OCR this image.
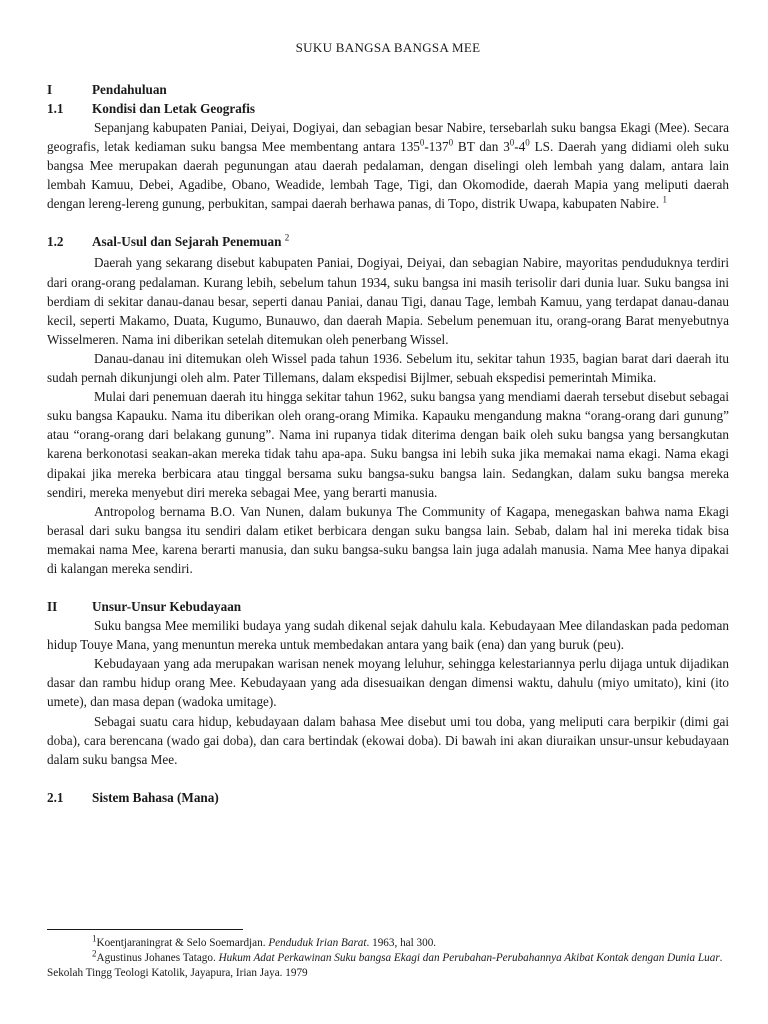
SUKU BANGSA BANGSA MEE
I	Pendahuluan
1.1	Kondisi dan Letak Geografis

Sepanjang kabupaten Paniai, Deiyai, Dogiyai, dan sebagian besar Nabire, tersebarlah suku bangsa Ekagi (Mee). Secara geografis, letak kediaman suku bangsa Mee membentang antara $135^0-137^0$ BT dan $3^0-4^0$ LS. Daerah yang didiami oleh suku bangsa Mee merupakan daerah pegunungan atau daerah pedalaman, dengan diselingi oleh lembah yang dalam, antara lain lembah Kamuu, Debei, Agadibe, Obano, Weadide, lembah Tage, Tigi, dan Okomodide, daerah Mapia yang meliputi daerah dengan lereng-lereng gunung, perbukitan, sampai daerah berhawa panas, di Topo, distrik Uwapa, kabupaten Nabire. $^1$

1.2	Asal-Usul dan Sejarah Penemuan $^2$

Daerah yang sekarang disebut kabupaten Paniai, Dogiyai, Deiyai, dan sebagian Nabire, mayoritas penduduknya terdiri dari orang-orang pedalaman. Kurang lebih, sebelum tahun 1934, suku bangsa ini masih terisolir dari dunia luar. Suku bangsa ini berdiam di sekitar danau-danau besar, seperti danau Paniai, danau Tigi, danau Tage, lembah Kamuu, yang terdapat danau-danau kecil, seperti Makamo, Duata, Kugumo, Bunauwo, dan daerah Mapia. Sebelum penemuan itu, orang-orang Barat menyebutnya Wisselmeren. Nama ini diberikan setelah ditemukan oleh penerbang Wissel.

Danau-danau ini ditemukan oleh Wissel pada tahun 1936. Sebelum itu, sekitar tahun 1935, bagian barat dari daerah itu sudah pernah dikunjungi oleh alm. Pater Tillemans, dalam ekspedisi Bijlmer, sebuah ekspedisi pemerintah Mimika.

Mulai dari penemuan daerah itu hingga sekitar tahun 1962, suku bangsa yang mendiami daerah tersebut disebut sebagai suku bangsa Kapauku. Nama itu diberikan oleh orang-orang Mimika. Kapauku mengandung makna “orang-orang dari gunung” atau “orang-orang dari belakang gunung”. Nama ini rupanya tidak diterima dengan baik oleh suku bangsa yang bersangkutan karena berkonotasi seakan-akan mereka tidak tahu apa-apa. Suku bangsa ini lebih suka jika memakai nama ekagi. Nama ekagi dipakai jika mereka berbicara atau tinggal bersama suku bangsa-suku bangsa lain. Sedangkan, dalam suku bangsa mereka sendiri, mereka menyebut diri mereka sebagai Mee, yang berarti manusia.

Antropolog bernama B.O. Van Nunen, dalam bukunya The Community of Kagapa, menegaskan bahwa nama Ekagi berasal dari suku bangsa itu sendiri dalam etiket berbicara dengan suku bangsa lain. Sebab, dalam hal ini mereka tidak bisa memakai nama Mee, karena berarti manusia, dan suku bangsa-suku bangsa lain juga adalah manusia. Nama Mee hanya dipakai di kalangan mereka sendiri.

II	Unsur-Unsur Kebudayaan

Suku bangsa Mee memiliki budaya yang sudah dikenal sejak dahulu kala. Kebudayaan Mee dilandaskan pada pedoman hidup Touye Mana, yang menuntun mereka untuk membedakan antara yang baik (ena) dan yang buruk (peu).

Kebudayaan yang ada merupakan warisan nenek moyang leluhur, sehingga kelestariannya perlu dijaga untuk dijadikan dasar dan rambu hidup orang Mee. Kebudayaan yang ada disesuaikan dengan dimensi waktu, dahulu (miyo umitato), kini (ito umete), dan masa depan (wadoka umitage).

Sebagai suatu cara hidup, kebudayaan dalam bahasa Mee disebut umi tou doba, yang meliputi cara berpikir (dimi gai doba), cara berencana (wado gai doba), dan cara bertindak (ekowai doba). Di bawah ini akan diuraikan unsur-unsur kebudayaan dalam suku bangsa Mee.

2.1	Sistem Bahasa (Mana)

$^1$Koentjaraningrat & Selo Soemardjan. Penduduk Irian Barat. 1963, hal 300.

$^2$Agustinus Johanes Tatago. Hukum Adat Perkawinan Suku bangsa Ekagi dan Perubahan-Perubahannya Akibat Kontak dengan Dunia Luar. Sekolah Tingg Teologi Katolik, Jayapura, Irian Jaya. 1979
